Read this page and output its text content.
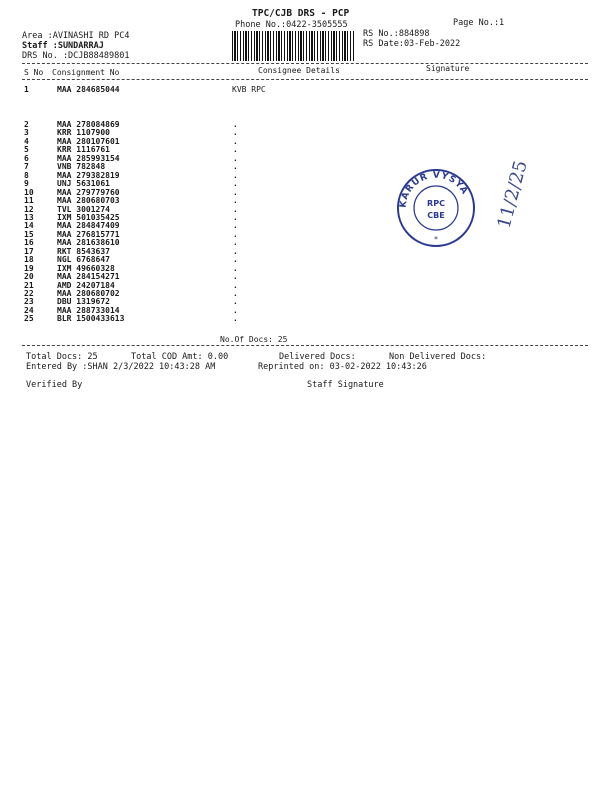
TPC/CJB DRS - PCP
Phone No.:0422-3505555	Page No.:1
Area :AVINASHI RD PC4
Staff :SUNDARRAJ
DRS No. :DCJB88489801
RS No.:884898
RS Date:03-Feb-2022
S No Consignment No	Consignee Details	Signature
1	MAA 284685044	KVB RPC
2	MAA 278084869	.
3	KRR 1107900	.
4	MAA 280107601	.
5	KRR 1116761	.
6	MAA 285993154	.
7	VNB 782848	.
8	MAA 279382819	.
9	UNJ 5631061	.
10	MAA 279779760	.
11	MAA 280680703	.
12	TVL 3001274	.
13	IXM 501035425	.
14	MAA 284847409	.
15	MAA 276815771	.
16	MAA 281638610	.
17	RKT 8543637	.
18	NGL 6768647	.
19	IXM 49660328	.
20	MAA 284154271	.
21	AMD 24207184	.
22	MAA 280680702	.
23	DBU 1319672	.
24	MAA 288733014	.
25	BLR 1500433613	.
No.Of Docs: 25
Total Docs: 25	Total COD Amt: 0.00	Delivered Docs:	Non Delivered Docs:
Entered By :SHAN 2/3/2022 10:43:28 AM	Reprinted on: 03-02-2022 10:43:26
Verified By	Staff Signature
KARUR VYSYA
RPC
CBE
*
11/2/25
